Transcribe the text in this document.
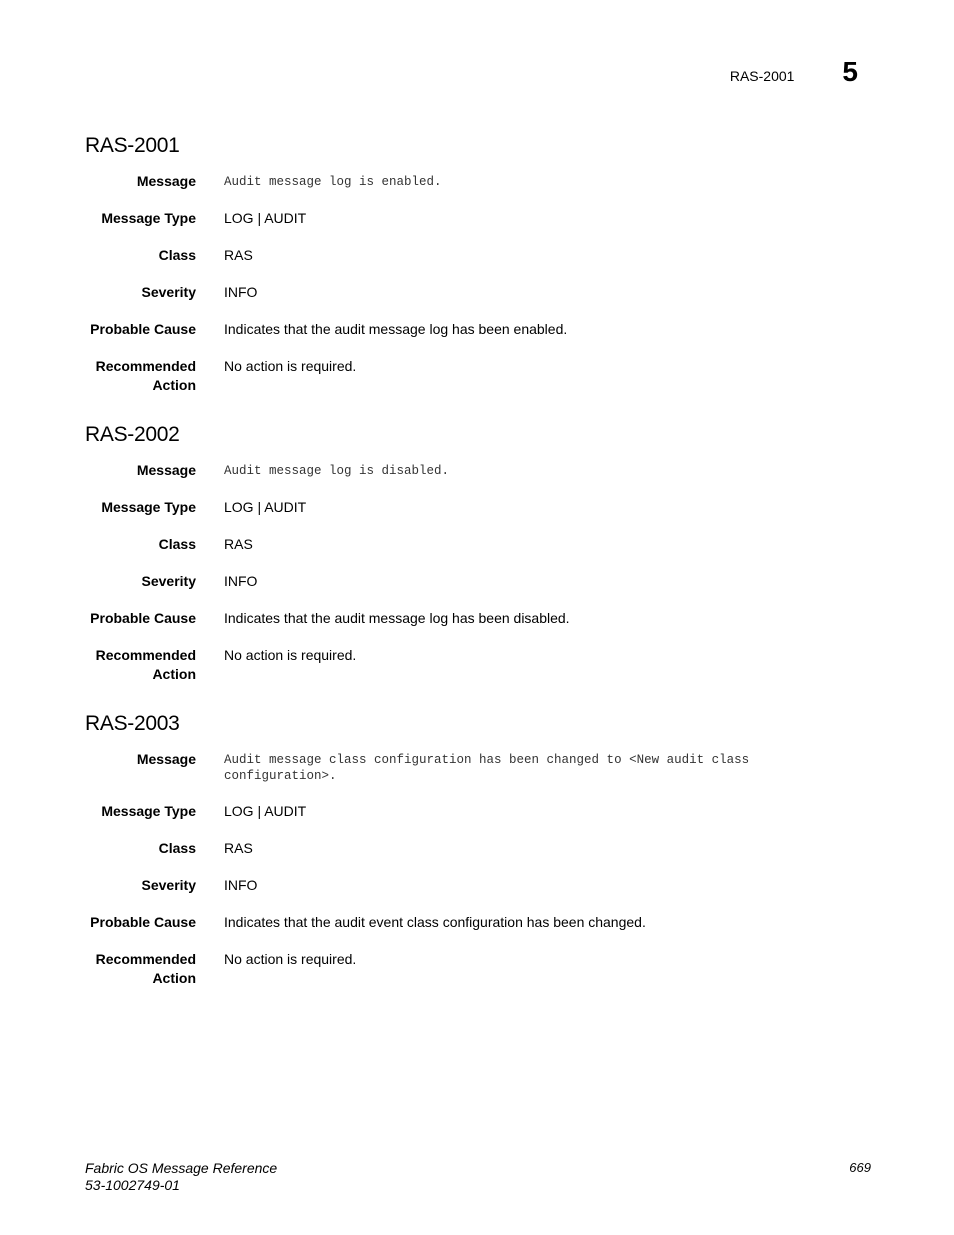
RAS-2001 5
RAS-2001
Message Audit message log is enabled.
Message Type LOG | AUDIT
Class RAS
Severity INFO
Probable Cause Indicates that the audit message log has been enabled.
Recommended Action
No action is required.
RAS-2002
Message Audit message log is disabled.
Message Type LOG | AUDIT
Class RAS
Severity INFO
Probable Cause Indicates that the audit message log has been disabled.
Recommended Action
No action is required.
RAS-2003
Message Audit message class configuration has been changed to <New audit class configuration>.
Message Type LOG | AUDIT
Class RAS
Severity INFO
Probable Cause Indicates that the audit event class configuration has been changed.
Recommended Action
No action is required.
Fabric OS Message Reference
53-1002749-01
669
